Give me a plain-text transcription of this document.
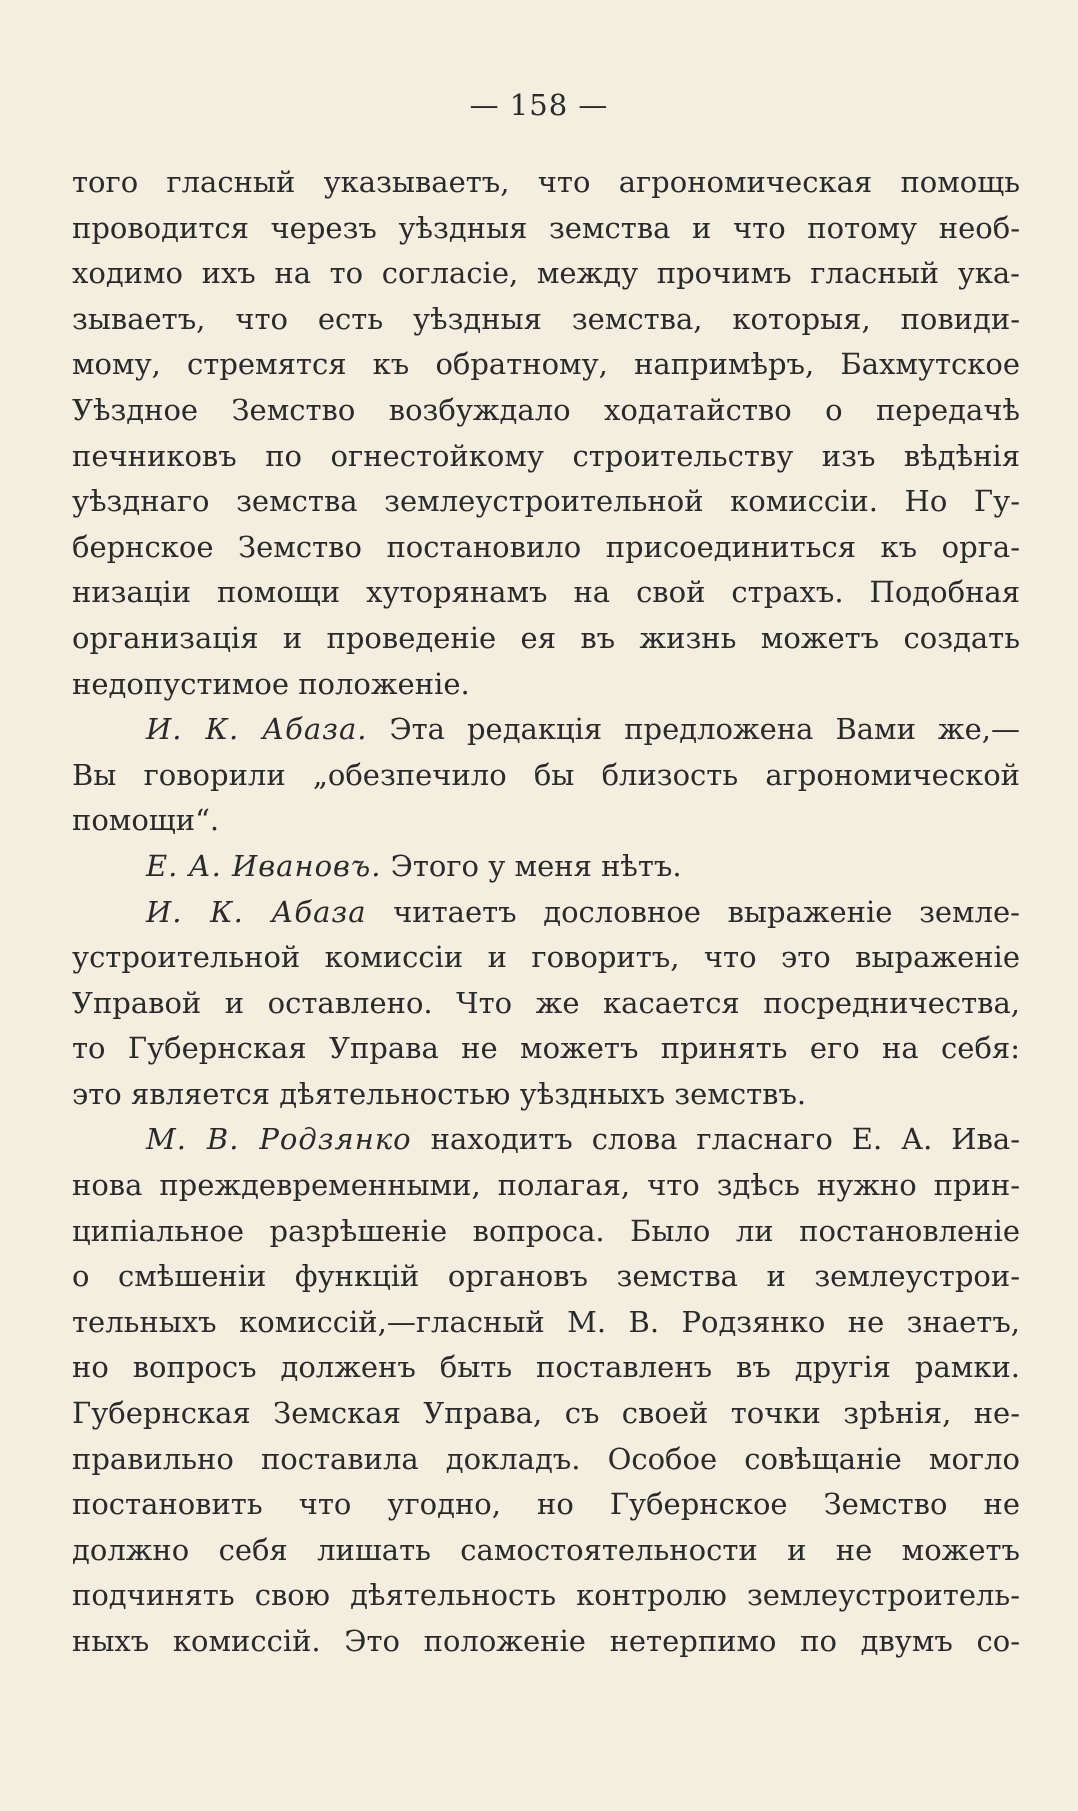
— 158 —
того гласный указываетъ, что агрономическая помощь
проводится черезъ уѣздныя земства и что потому необ-
ходимо ихъ на то согласіе, между прочимъ гласный ука-
зываетъ, что есть уѣздныя земства, которыя, повиди-
мому, стремятся къ обратному, напримѣръ, Бахмутское
Уѣздное Земство возбуждало ходатайство о передачѣ
печниковъ по огнестойкому строительству изъ вѣдѣнія
уѣзднаго земства землеустроительной комиссіи. Но Гу-
бернское Земство постановило присоединиться къ орга-
низаціи помощи хуторянамъ на свой страхъ. Подобная
организація и проведеніе ея въ жизнь можетъ создать
недопустимое положеніе.
И. К. Абаза. Эта редакція предложена Вами же,—
Вы говорили „обезпечило бы близость агрономической
помощи“.
Е. А. Ивановъ. Этого у меня нѣтъ.
И. К. Абаза читаетъ дословное выраженіе земле-
устроительной комиссіи и говоритъ, что это выраженіе
Управой и оставлено. Что же касается посредничества,
то Губернская Управа не можетъ принять его на себя:
это является дѣятельностью уѣздныхъ земствъ.
М. В. Родзянко находитъ слова гласнаго Е. А. Ива-
нова преждевременными, полагая, что здѣсь нужно прин-
ципіальное разрѣшеніе вопроса. Было ли постановленіе
о смѣшеніи функцій органовъ земства и землеустрои-
тельныхъ комиссій,—гласный М. В. Родзянко не знаетъ,
но вопросъ долженъ быть поставленъ въ другія рамки.
Губернская Земская Управа, съ своей точки зрѣнія, не-
правильно поставила докладъ. Особое совѣщаніе могло
постановить что угодно, но Губернское Земство не
должно себя лишать самостоятельности и не можетъ
подчинять свою дѣятельность контролю землеустроитель-
ныхъ комиссій. Это положеніе нетерпимо по двумъ со-
